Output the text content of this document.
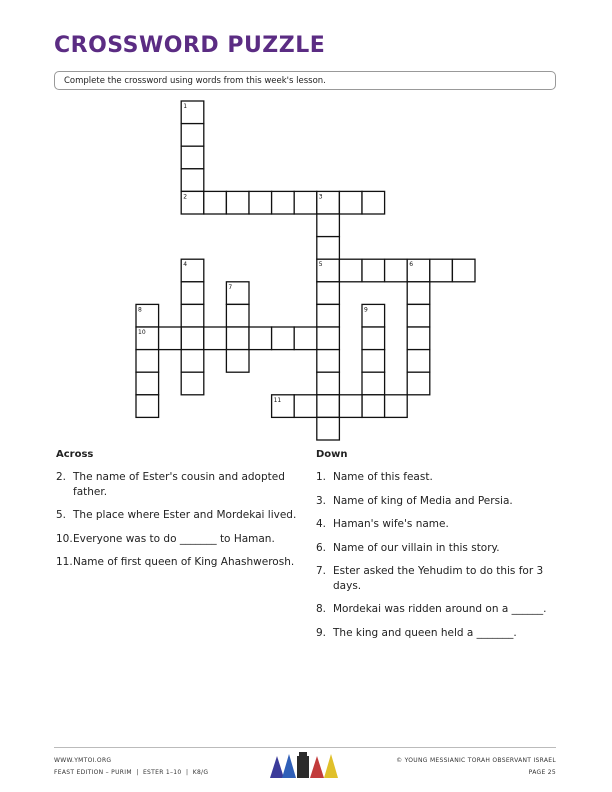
CROSSWORD PUZZLE
Complete the crossword using words from this week's lesson.
1
2	3
4	5	6
7
8	9
10
11
Across
2. The name of Ester's cousin and adopted father.
5. The place where Ester and Mordekai lived.
10. Everyone was to do _______ to Haman.
11. Name of first queen of King Ahashwerosh.
Down
1. Name of this feast.
3. Name of king of Media and Persia.
4. Haman's wife's name.
6. Name of our villain in this story.
7. Ester asked the Yehudim to do this for 3 days.
8. Mordekai was ridden around on a ______.
9. The king and queen held a _______.
WWW.YMTOI.ORG
FEAST EDITION – PURIM  |  ESTER 1–10  |  K8/G
© YOUNG MESSIANIC TORAH OBSERVANT ISRAEL
PAGE 25
